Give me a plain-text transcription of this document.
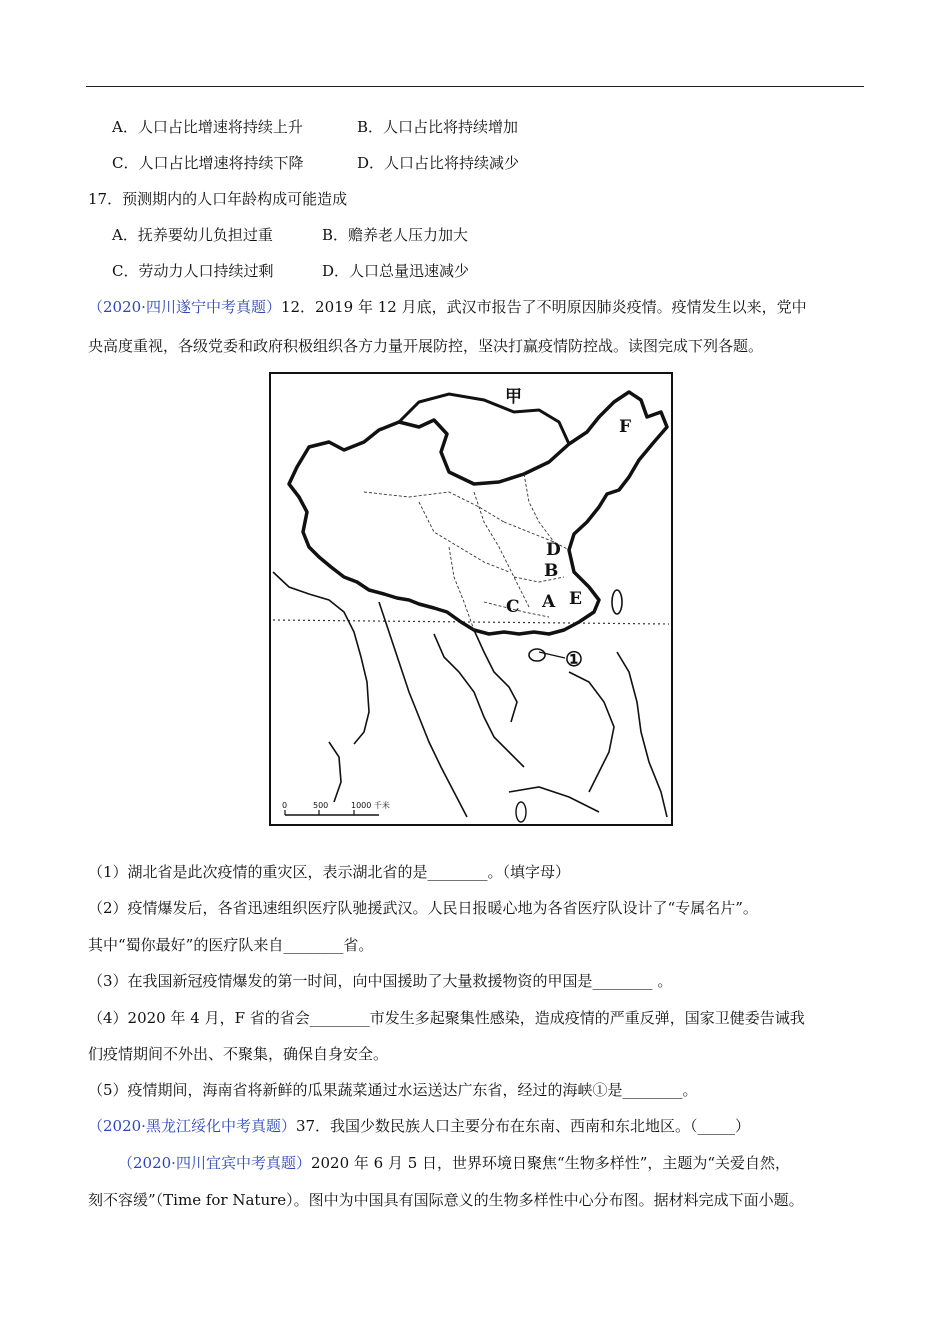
A．人口占比增速将持续上升	B．人口占比将持续增加
C．人口占比增速将持续下降	D．人口占比将持续减少
17．预测期内的人口年龄构成可能造成
A．抚养要幼儿负担过重	B．赡养老人压力加大
C．劳动力人口持续过剩	D．人口总量迅速减少
（2020·四川遂宁中考真题）12．2019 年 12 月底，武汉市报告了不明原因肺炎疫情。疫情发生以来，党中
央高度重视，各级党委和政府积极组织各方力量开展防控，坚决打赢疫情防控战。读图完成下列各题。
甲
F
D
B
C A E
①
0	500	1000 千米
（1）湖北省是此次疫情的重灾区，表示湖北省的是________。（填字母）
（2）疫情爆发后，各省迅速组织医疗队驰援武汉。人民日报暖心地为各省医疗队设计了“专属名片”。
其中“蜀你最好”的医疗队来自________省。
（3）在我国新冠疫情爆发的第一时间，向中国援助了大量救援物资的甲国是________ 。
（4）2020 年 4 月，F 省的省会________市发生多起聚集性感染，造成疫情的严重反弹，国家卫健委告诫我
们疫情期间不外出、不聚集，确保自身安全。
（5）疫情期间，海南省将新鲜的瓜果蔬菜通过水运送达广东省，经过的海峡①是________。
（2020·黑龙江绥化中考真题）37．我国少数民族人口主要分布在东南、西南和东北地区。（_____）
（2020·四川宜宾中考真题）2020 年 6 月 5 日，世界环境日聚焦“生物多样性”，主题为“关爱自然，
刻不容缓”（Time for Nature）。图中为中国具有国际意义的生物多样性中心分布图。据材料完成下面小题。
